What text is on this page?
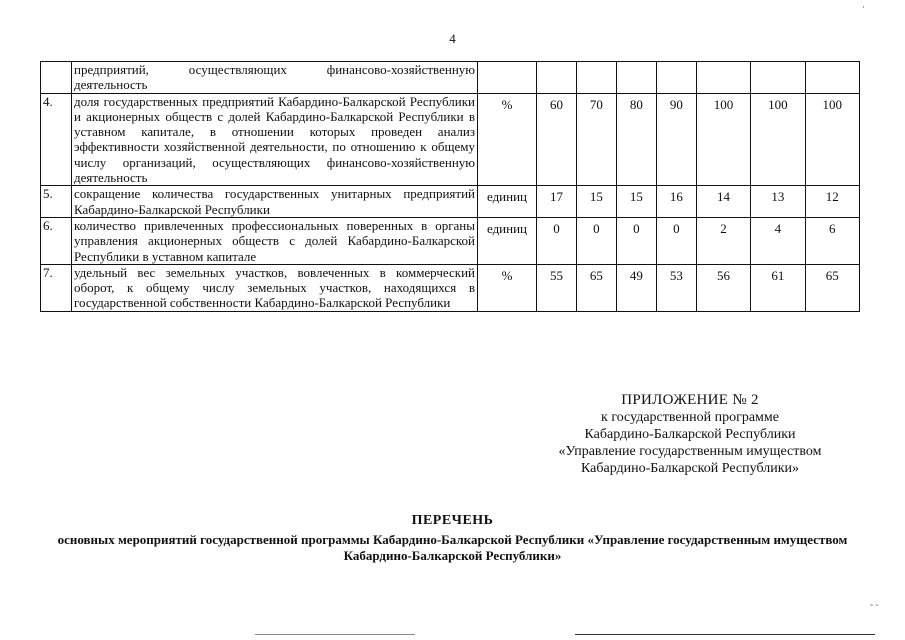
4
	предприятий, осуществляющих финансово-хозяйственную деятельность								
4.	доля государственных предприятий Кабардино-Балкарской Республики и акционерных обществ с долей Кабардино-Балкарской Республики в уставном капитале, в отношении которых проведен анализ эффективности хозяйственной деятельности, по отношению к общему числу организаций, осуществляющих финансово-хозяйственную деятельность	%	60	70	80	90	100	100	100
5.	сокращение количества государственных унитарных предприятий Кабардино-Балкарской Республики	единиц	17	15	15	16	14	13	12
6.	количество привлеченных профессиональных поверенных в органы управления акционерных обществ с долей Кабардино-Балкарской Республики в уставном капитале	единиц	0	0	0	0	2	4	6
7.	удельный вес земельных участков, вовлеченных в коммерческий оборот, к общему числу земельных участков, находящихся в государственной собственности Кабардино-Балкарской Республики	%	55	65	49	53	56	61	65
ПРИЛОЖЕНИЕ № 2
к государственной программе
Кабардино-Балкарской Республики
«Управление государственным имуществом
Кабардино-Балкарской Республики»
ПЕРЕЧЕНЬ
основных мероприятий государственной программы Кабардино-Балкарской Республики «Управление государственным имуществом Кабардино-Балкарской Республики»
·
˜ ˜
